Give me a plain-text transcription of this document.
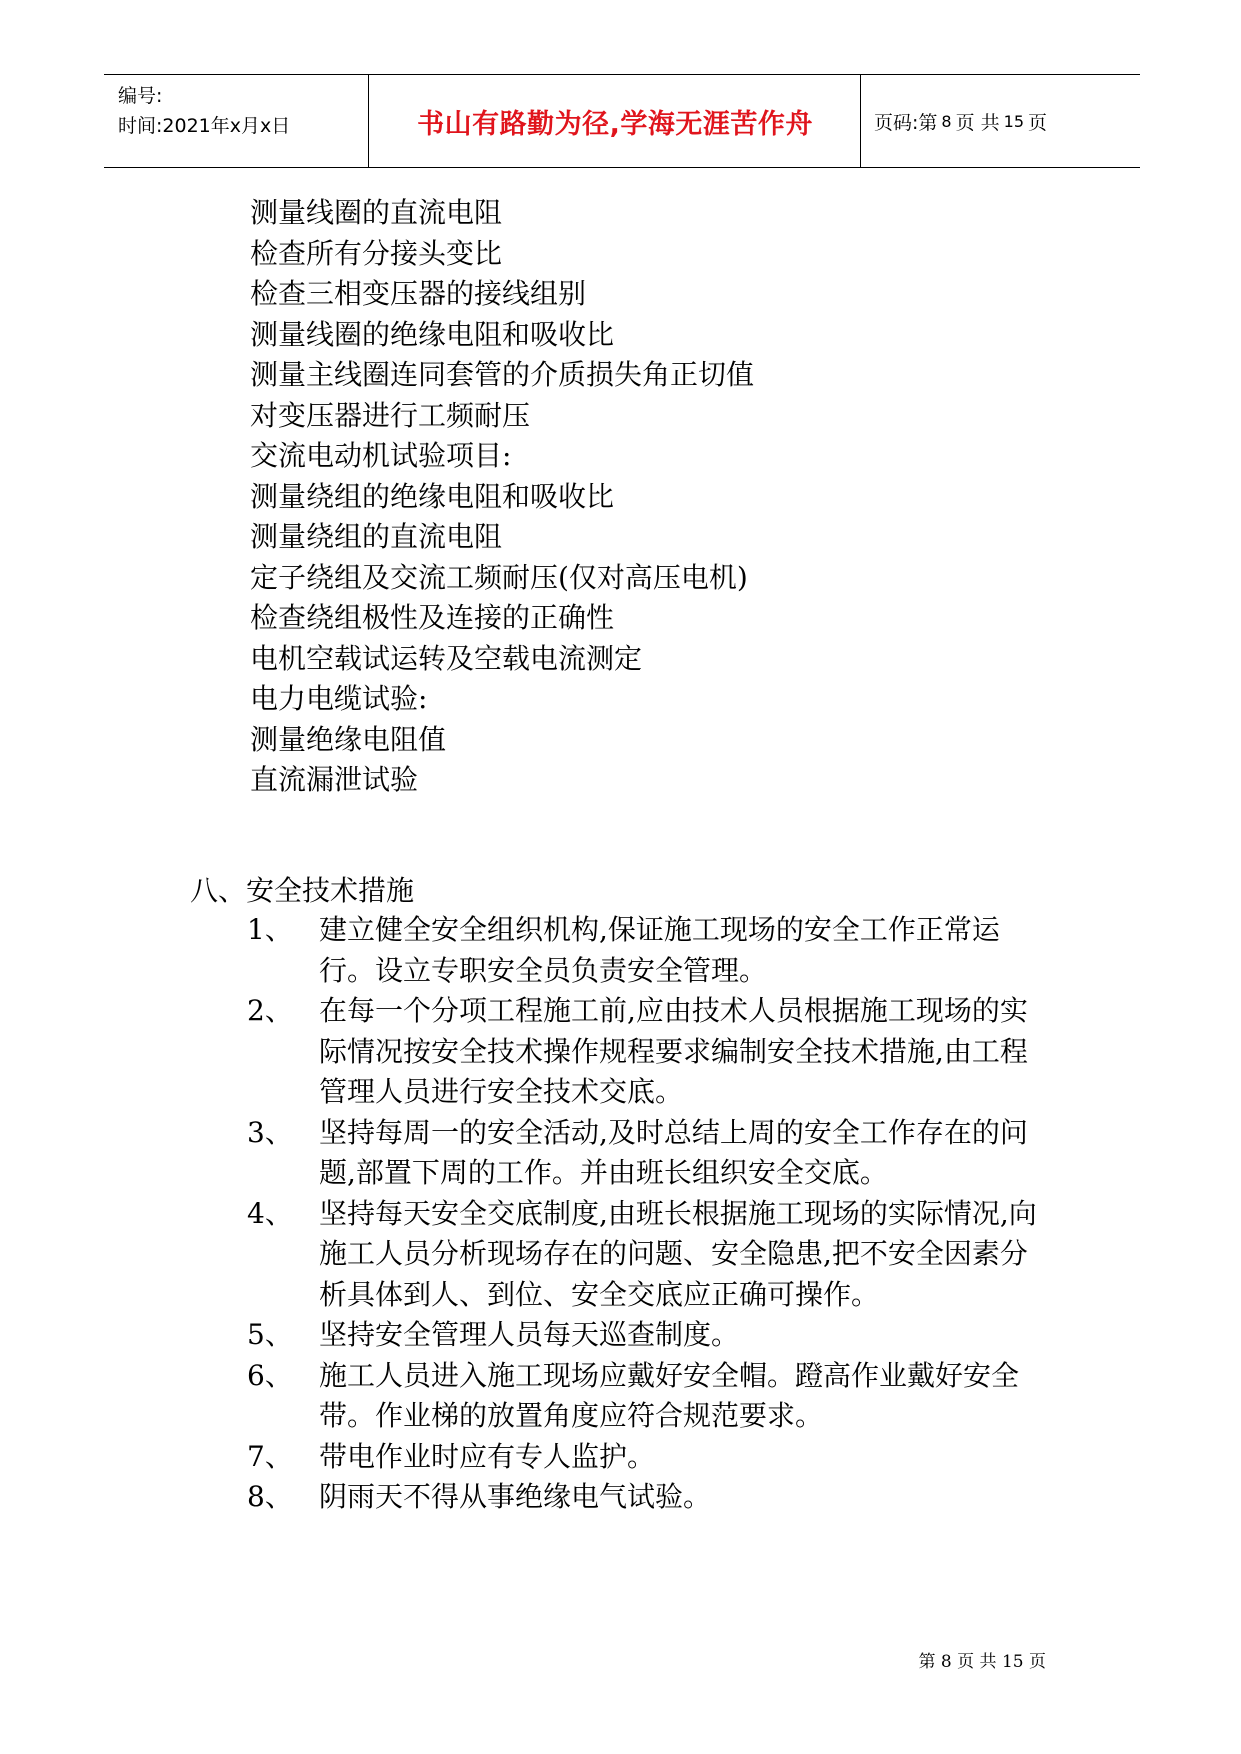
编号:
时间:2021年x月x日	书山有路勤为径,学海无涯苦作舟	页码:第 8 页 共 15 页
测量线圈的直流电阻
检查所有分接头变比
检查三相变压器的接线组别
测量线圈的绝缘电阻和吸收比
测量主线圈连同套管的介质损失角正切值
对变压器进行工频耐压
交流电动机试验项目:
测量绕组的绝缘电阻和吸收比
测量绕组的直流电阻
定子绕组及交流工频耐压(仅对高压电机)
检查绕组极性及连接的正确性
电机空载试运转及空载电流测定
电力电缆试验:
测量绝缘电阻值
直流漏泄试验
八、安全技术措施
1、 建立健全安全组织机构,保证施工现场的安全工作正常运行。设立专职安全员负责安全管理。
2、 在每一个分项工程施工前,应由技术人员根据施工现场的实际情况按安全技术操作规程要求编制安全技术措施,由工程管理人员进行安全技术交底。
3、 坚持每周一的安全活动,及时总结上周的安全工作存在的问题,部置下周的工作。并由班长组织安全交底。
4、 坚持每天安全交底制度,由班长根据施工现场的实际情况,向施工人员分析现场存在的问题、安全隐患,把不安全因素分析具体到人、到位、安全交底应正确可操作。
5、 坚持安全管理人员每天巡查制度。
6、 施工人员进入施工现场应戴好安全帽。蹬高作业戴好安全带。作业梯的放置角度应符合规范要求。
7、 带电作业时应有专人监护。
8、 阴雨天不得从事绝缘电气试验。
第 8 页 共 15 页
